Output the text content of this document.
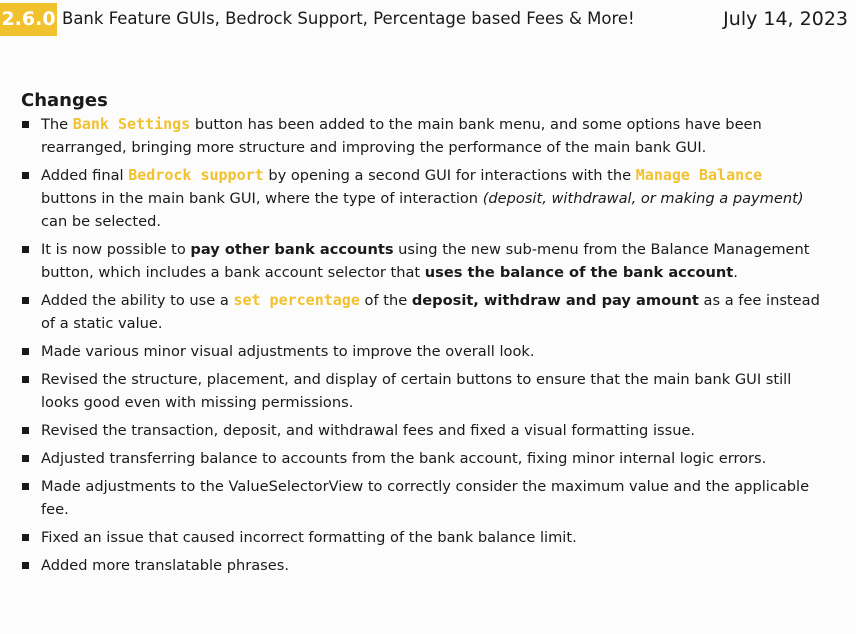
2.6.0 Bank Feature GUIs, Bedrock Support, Percentage based Fees & More!	July 14, 2023
Changes
The Bank Settings button has been added to the main bank menu, and some options have been rearranged, bringing more structure and improving the performance of the main bank GUI.
Added final Bedrock support by opening a second GUI for interactions with the Manage Balance buttons in the main bank GUI, where the type of interaction (deposit, withdrawal, or making a payment) can be selected.
It is now possible to pay other bank accounts using the new sub-menu from the Balance Management button, which includes a bank account selector that uses the balance of the bank account.
Added the ability to use a set percentage of the deposit, withdraw and pay amount as a fee instead of a static value.
Made various minor visual adjustments to improve the overall look.
Revised the structure, placement, and display of certain buttons to ensure that the main bank GUI still looks good even with missing permissions.
Revised the transaction, deposit, and withdrawal fees and fixed a visual formatting issue.
Adjusted transferring balance to accounts from the bank account, fixing minor internal logic errors.
Made adjustments to the ValueSelectorView to correctly consider the maximum value and the applicable fee.
Fixed an issue that caused incorrect formatting of the bank balance limit.
Added more translatable phrases.
